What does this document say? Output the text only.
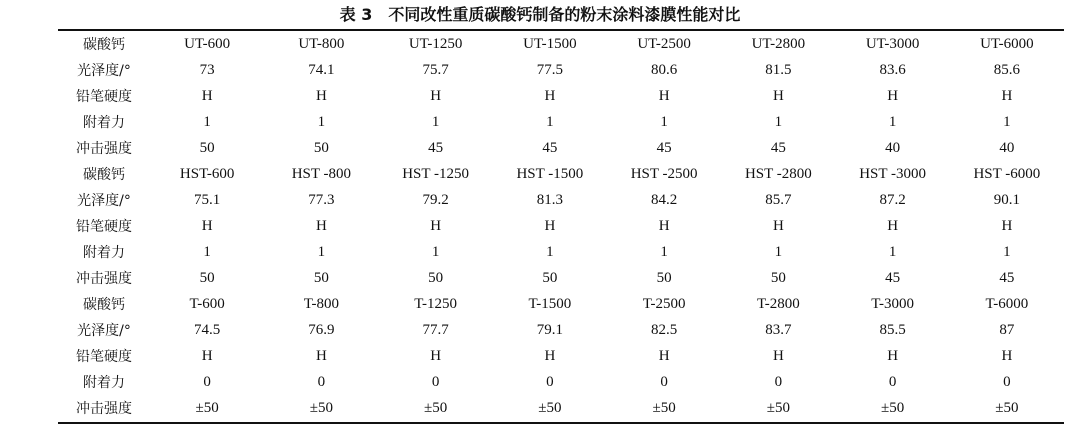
表 3　不同改性重质碳酸钙制备的粉末涂料漆膜性能对比
碳酸钙	UT-600	UT-800	UT-1250	UT-1500	UT-2500	UT-2800	UT-3000	UT-6000
光泽度/°	73	74.1	75.7	77.5	80.6	81.5	83.6	85.6
铅笔硬度	H	H	H	H	H	H	H	H
附着力	1	1	1	1	1	1	1	1
冲击强度	50	50	45	45	45	45	40	40
碳酸钙	HST-600	HST -800	HST -1250	HST -1500	HST -2500	HST -2800	HST -3000	HST -6000
光泽度/°	75.1	77.3	79.2	81.3	84.2	85.7	87.2	90.1
铅笔硬度	H	H	H	H	H	H	H	H
附着力	1	1	1	1	1	1	1	1
冲击强度	50	50	50	50	50	50	45	45
碳酸钙	T-600	T-800	T-1250	T-1500	T-2500	T-2800	T-3000	T-6000
光泽度/°	74.5	76.9	77.7	79.1	82.5	83.7	85.5	87
铅笔硬度	H	H	H	H	H	H	H	H
附着力	0	0	0	0	0	0	0	0
冲击强度	±50	±50	±50	±50	±50	±50	±50	±50
